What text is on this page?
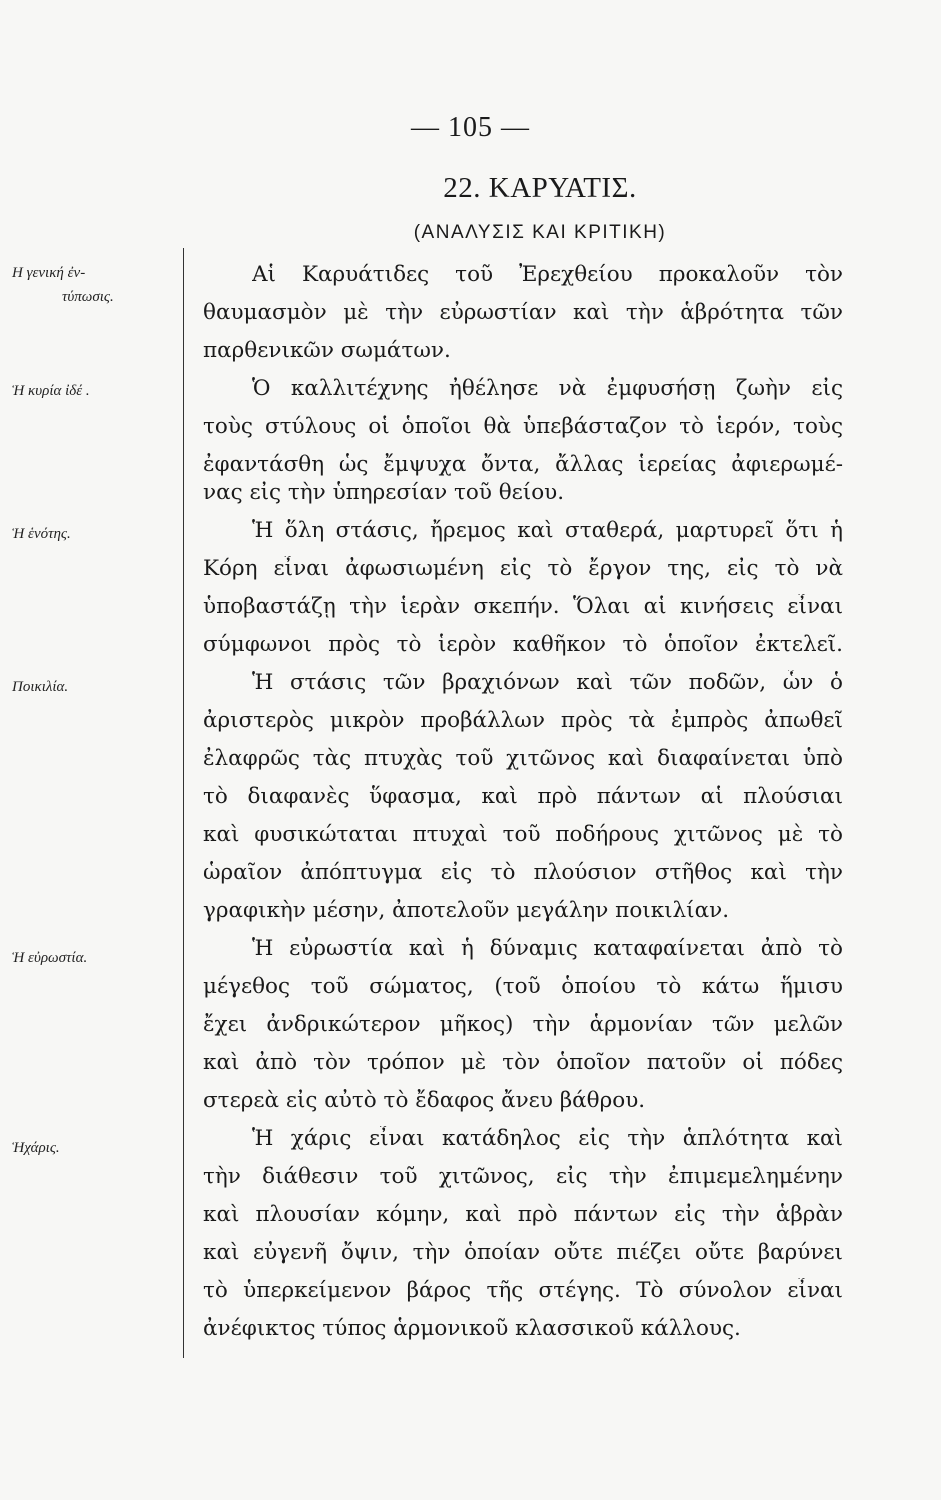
— 105 —
22. ΚΑΡΥΑΤΙΣ.
(ΑΝΑΛΥΣΙΣ ΚΑΙ ΚΡΙΤΙΚΗ)
Η γενική ἐν-
τύπωσις.
Ἡ κυρία ἰδέ .
Ἡ ἑνότης.
Ποικιλία.
Ἡ εὐρωστία.
Ἡχάρις.
Αἱ Καρυάτιδες τοῦ Ἐρεχθείου προκαλοῦν τὸν
θαυμασμὸν μὲ τὴν εὐρωστίαν καὶ τὴν ἁβρότητα τῶν
παρθενικῶν σωμάτων.
Ὁ καλλιτέχνης ἠθέλησε νὰ ἐμφυσήσῃ ζωὴν εἰς
τοὺς στύλους οἱ ὁποῖοι θὰ ὑπεβάσταζον τὸ ἱερόν, τοὺς
ἐφαντάσθη ὡς ἔμψυχα ὄντα, ἄλλας ἱερείας ἀφιερωμέ-
νας εἰς τὴν ὑπηρεσίαν τοῦ θείου.
Ἡ ὅλη στάσις, ἤρεμος καὶ σταθερά, μαρτυρεῖ ὅτι ἡ
Κόρη εἶναι ἀφωσιωμένη εἰς τὸ ἔργον της, εἰς τὸ νὰ
ὑποβαστάζῃ τὴν ἱερὰν σκεπήν. Ὅλαι αἱ κινήσεις εἶναι
σύμφωνοι πρὸς τὸ ἱερὸν καθῆκον τὸ ὁποῖον ἐκτελεῖ.
Ἡ στάσις τῶν βραχιόνων καὶ τῶν ποδῶν, ὧν ὁ
ἀριστερὸς μικρὸν προβάλλων πρὸς τὰ ἐμπρὸς ἀπωθεῖ
ἐλαφρῶς τὰς πτυχὰς τοῦ χιτῶνος καὶ διαφαίνεται ὑπὸ
τὸ διαφανὲς ὕφασμα, καὶ πρὸ πάντων αἱ πλούσιαι
καὶ φυσικώταται πτυχαὶ τοῦ ποδήρους χιτῶνος μὲ τὸ
ὡραῖον ἀπόπτυγμα εἰς τὸ πλούσιον στῆθος καὶ τὴν
γραφικὴν μέσην, ἀποτελοῦν μεγάλην ποικιλίαν.
Ἡ εὐρωστία καὶ ἡ δύναμις καταφαίνεται ἀπὸ τὸ
μέγεθος τοῦ σώματος, (τοῦ ὁποίου τὸ κάτω ἥμισυ
ἔχει ἀνδρικώτερον μῆκος) τὴν ἁρμονίαν τῶν μελῶν
καὶ ἀπὸ τὸν τρόπον μὲ τὸν ὁποῖον πατοῦν οἱ πόδες
στερεὰ εἰς αὐτὸ τὸ ἔδαφος ἄνευ βάθρου.
Ἡ χάρις εἶναι κατάδηλος εἰς τὴν ἁπλότητα καὶ
τὴν διάθεσιν τοῦ χιτῶνος, εἰς τὴν ἐπιμεμελημένην
καὶ πλουσίαν κόμην, καὶ πρὸ πάντων εἰς τὴν ἁβρὰν
καὶ εὐγενῆ ὄψιν, τὴν ὁποίαν οὔτε πιέζει οὔτε βαρύνει
τὸ ὑπερκείμενον βάρος τῆς στέγης. Τὸ σύνολον εἶναι
ἀνέφικτος τύπος ἁρμονικοῦ κλασσικοῦ κάλλους.
